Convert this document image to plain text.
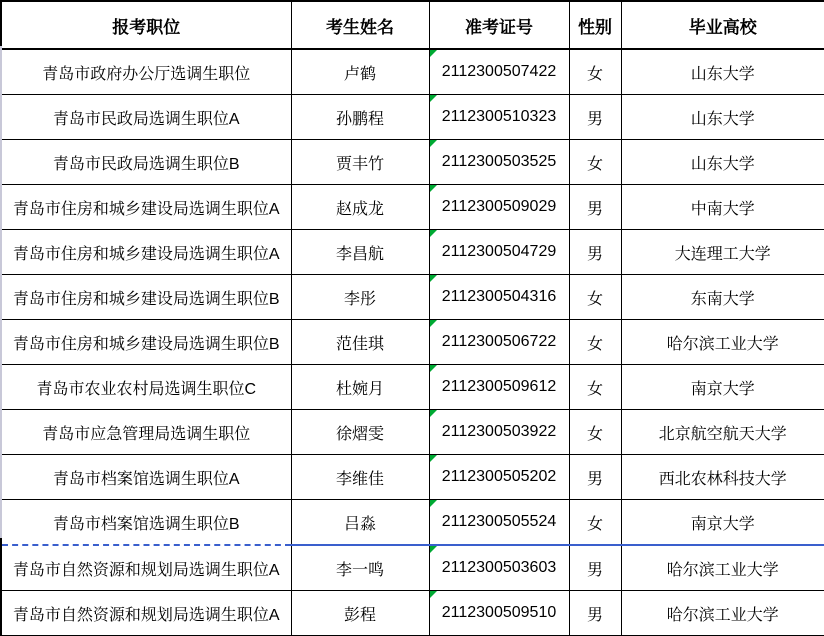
报考职位	考生姓名	准考证号	性别	毕业高校
青岛市政府办公厅选调生职位	卢鹤	2112300507422	女	山东大学
青岛市民政局选调生职位A	孙鹏程	2112300510323	男	山东大学
青岛市民政局选调生职位B	贾丰竹	2112300503525	女	山东大学
青岛市住房和城乡建设局选调生职位A	赵成龙	2112300509029	男	中南大学
青岛市住房和城乡建设局选调生职位A	李昌航	2112300504729	男	大连理工大学
青岛市住房和城乡建设局选调生职位B	李彤	2112300504316	女	东南大学
青岛市住房和城乡建设局选调生职位B	范佳琪	2112300506722	女	哈尔滨工业大学
青岛市农业农村局选调生职位C	杜婉月	2112300509612	女	南京大学
青岛市应急管理局选调生职位	徐熠雯	2112300503922	女	北京航空航天大学
青岛市档案馆选调生职位A	李维佳	2112300505202	男	西北农林科技大学
青岛市档案馆选调生职位B	吕淼	2112300505524	女	南京大学
青岛市自然资源和规划局选调生职位A	李一鸣	2112300503603	男	哈尔滨工业大学
青岛市自然资源和规划局选调生职位A	彭程	2112300509510	男	哈尔滨工业大学
